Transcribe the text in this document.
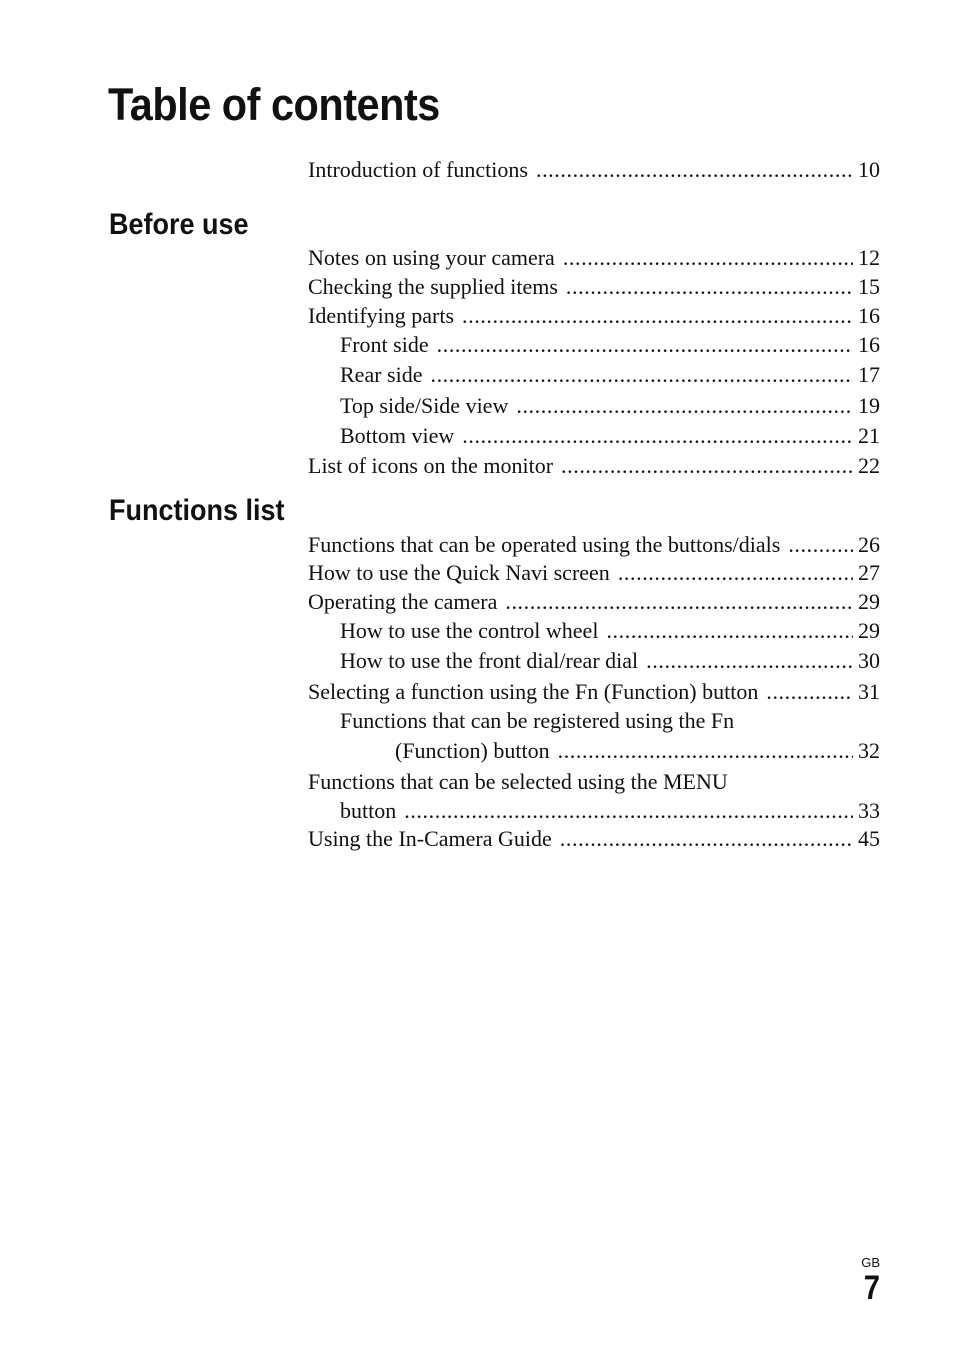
Table of contents
Introduction of functions .....	10
Before use
Notes on using your camera .....	12
Checking the supplied items .....	15
Identifying parts .....	16
Front side .....	16
Rear side .....	17
Top side/Side view .....	19
Bottom view .....	21
List of icons on the monitor .....	22
Functions list
Functions that can be operated using the buttons/dials .....	26
How to use the Quick Navi screen .....	27
Operating the camera .....	29
How to use the control wheel .....	29
How to use the front dial/rear dial .....	30
Selecting a function using the Fn (Function) button .....	31
Functions that can be registered using the Fn
(Function) button .....	32
Functions that can be selected using the MENU
button .....	33
Using the In-Camera Guide .....	45
GB
7
